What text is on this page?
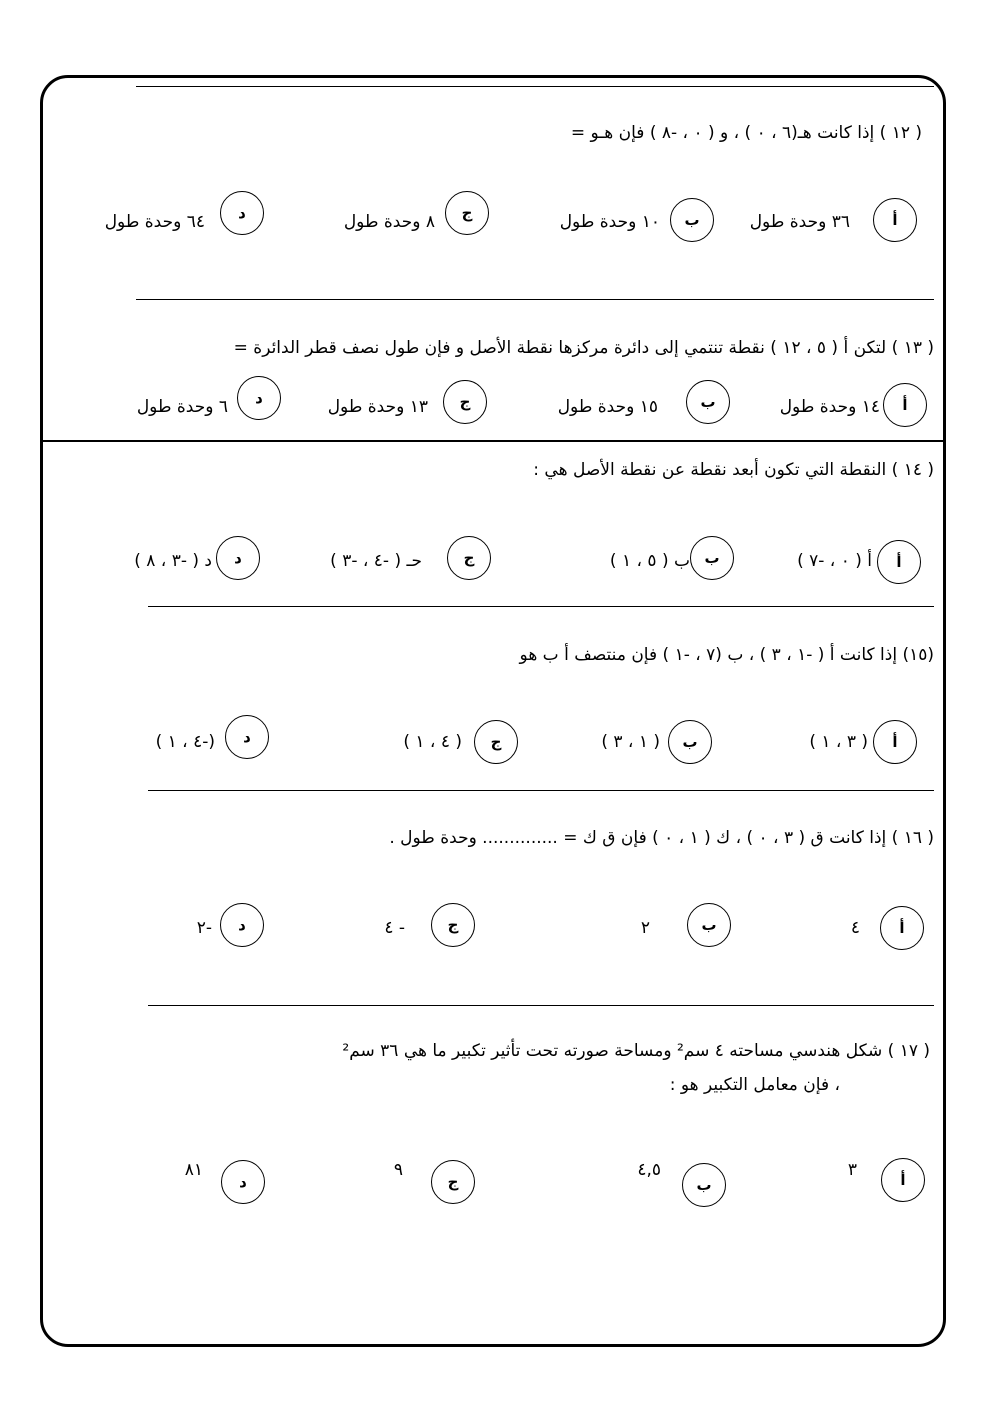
( ١٢ ) إذا كانت هـ(٦ ، ٠ ) ، و ( ٠ ، -٨ ) فإن هـو =
( ١٣ ) لتكن أ ( ٥ ، ١٢ ) نقطة تنتمي إلى دائرة مركزها نقطة الأصل و فإن طول نصف قطر الدائرة =
( ١٤ ) النقطة التي تكون أبعد نقطة عن نقطة الأصل هي :
(١٥) إذا كانت أ ( -١ ، ٣ ) ، ب (٧ ، -١ ) فإن منتصف أ ب هو
( ١٦ ) إذا كانت ق ( ٣ ، ٠ ) ، ك ( ١ ، ٠ ) فإن ق ك = .............. وحدة طول .
( ١٧ ) شكل هندسي مساحته ٤ سم² ومساحة صورته تحت تأثير تكبير ما هي ٣٦ سم²
، فإن معامل التكبير هو :
أ
٣٦ وحدة طول
ب
١٠ وحدة طول
ج
٨ وحدة طول
د
٦٤ وحدة طول
أ
١٤ وحدة طول
ب
١٥ وحدة طول
ج
١٣ وحدة طول
د
٦ وحدة طول
أ
أ ( ٠ ، -٧ )
ب
ب ( ٥ ، ١ )
ج
حـ ( -٤ ، -٣ )
د
د ( -٣ ، ٨ )
أ
( ٣ ، ١ )
ب
( ١ ، ٣ )
ج
( ٤ ، ١ )
د
(-٤ ، ١ )
أ
٤
ب
٢
ج
- ٤
د
-٢
أ
٣
ب
٤,٥
ج
٩
د
٨١
